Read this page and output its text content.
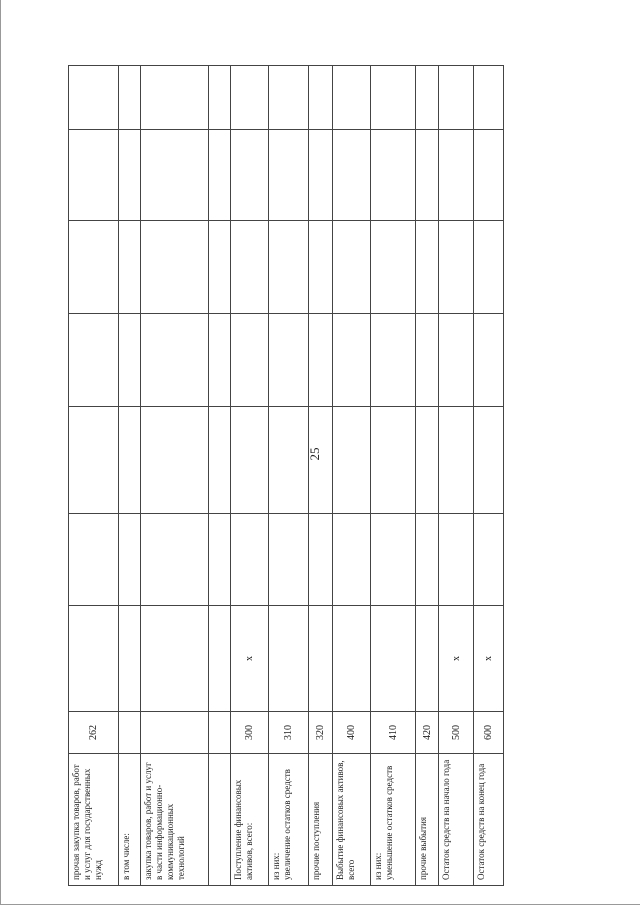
25
прочая закупка товаров, работ и услуг для государственных нужд	262							
в том числе:								
закупка товаров, работ и услуг в части информационно-коммуникационных технологий								

Поступление финансовых активов, всего:	300	х						
из них:
увеличение остатков средств	310							
прочие поступления	320							
Выбытие финансовых активов, всего	400							
из них:
уменьшение остатков средств	410							
прочие выбытия	420							
Остаток средств на начало года	500	х						
Остаток средств на конец года	600	х						
